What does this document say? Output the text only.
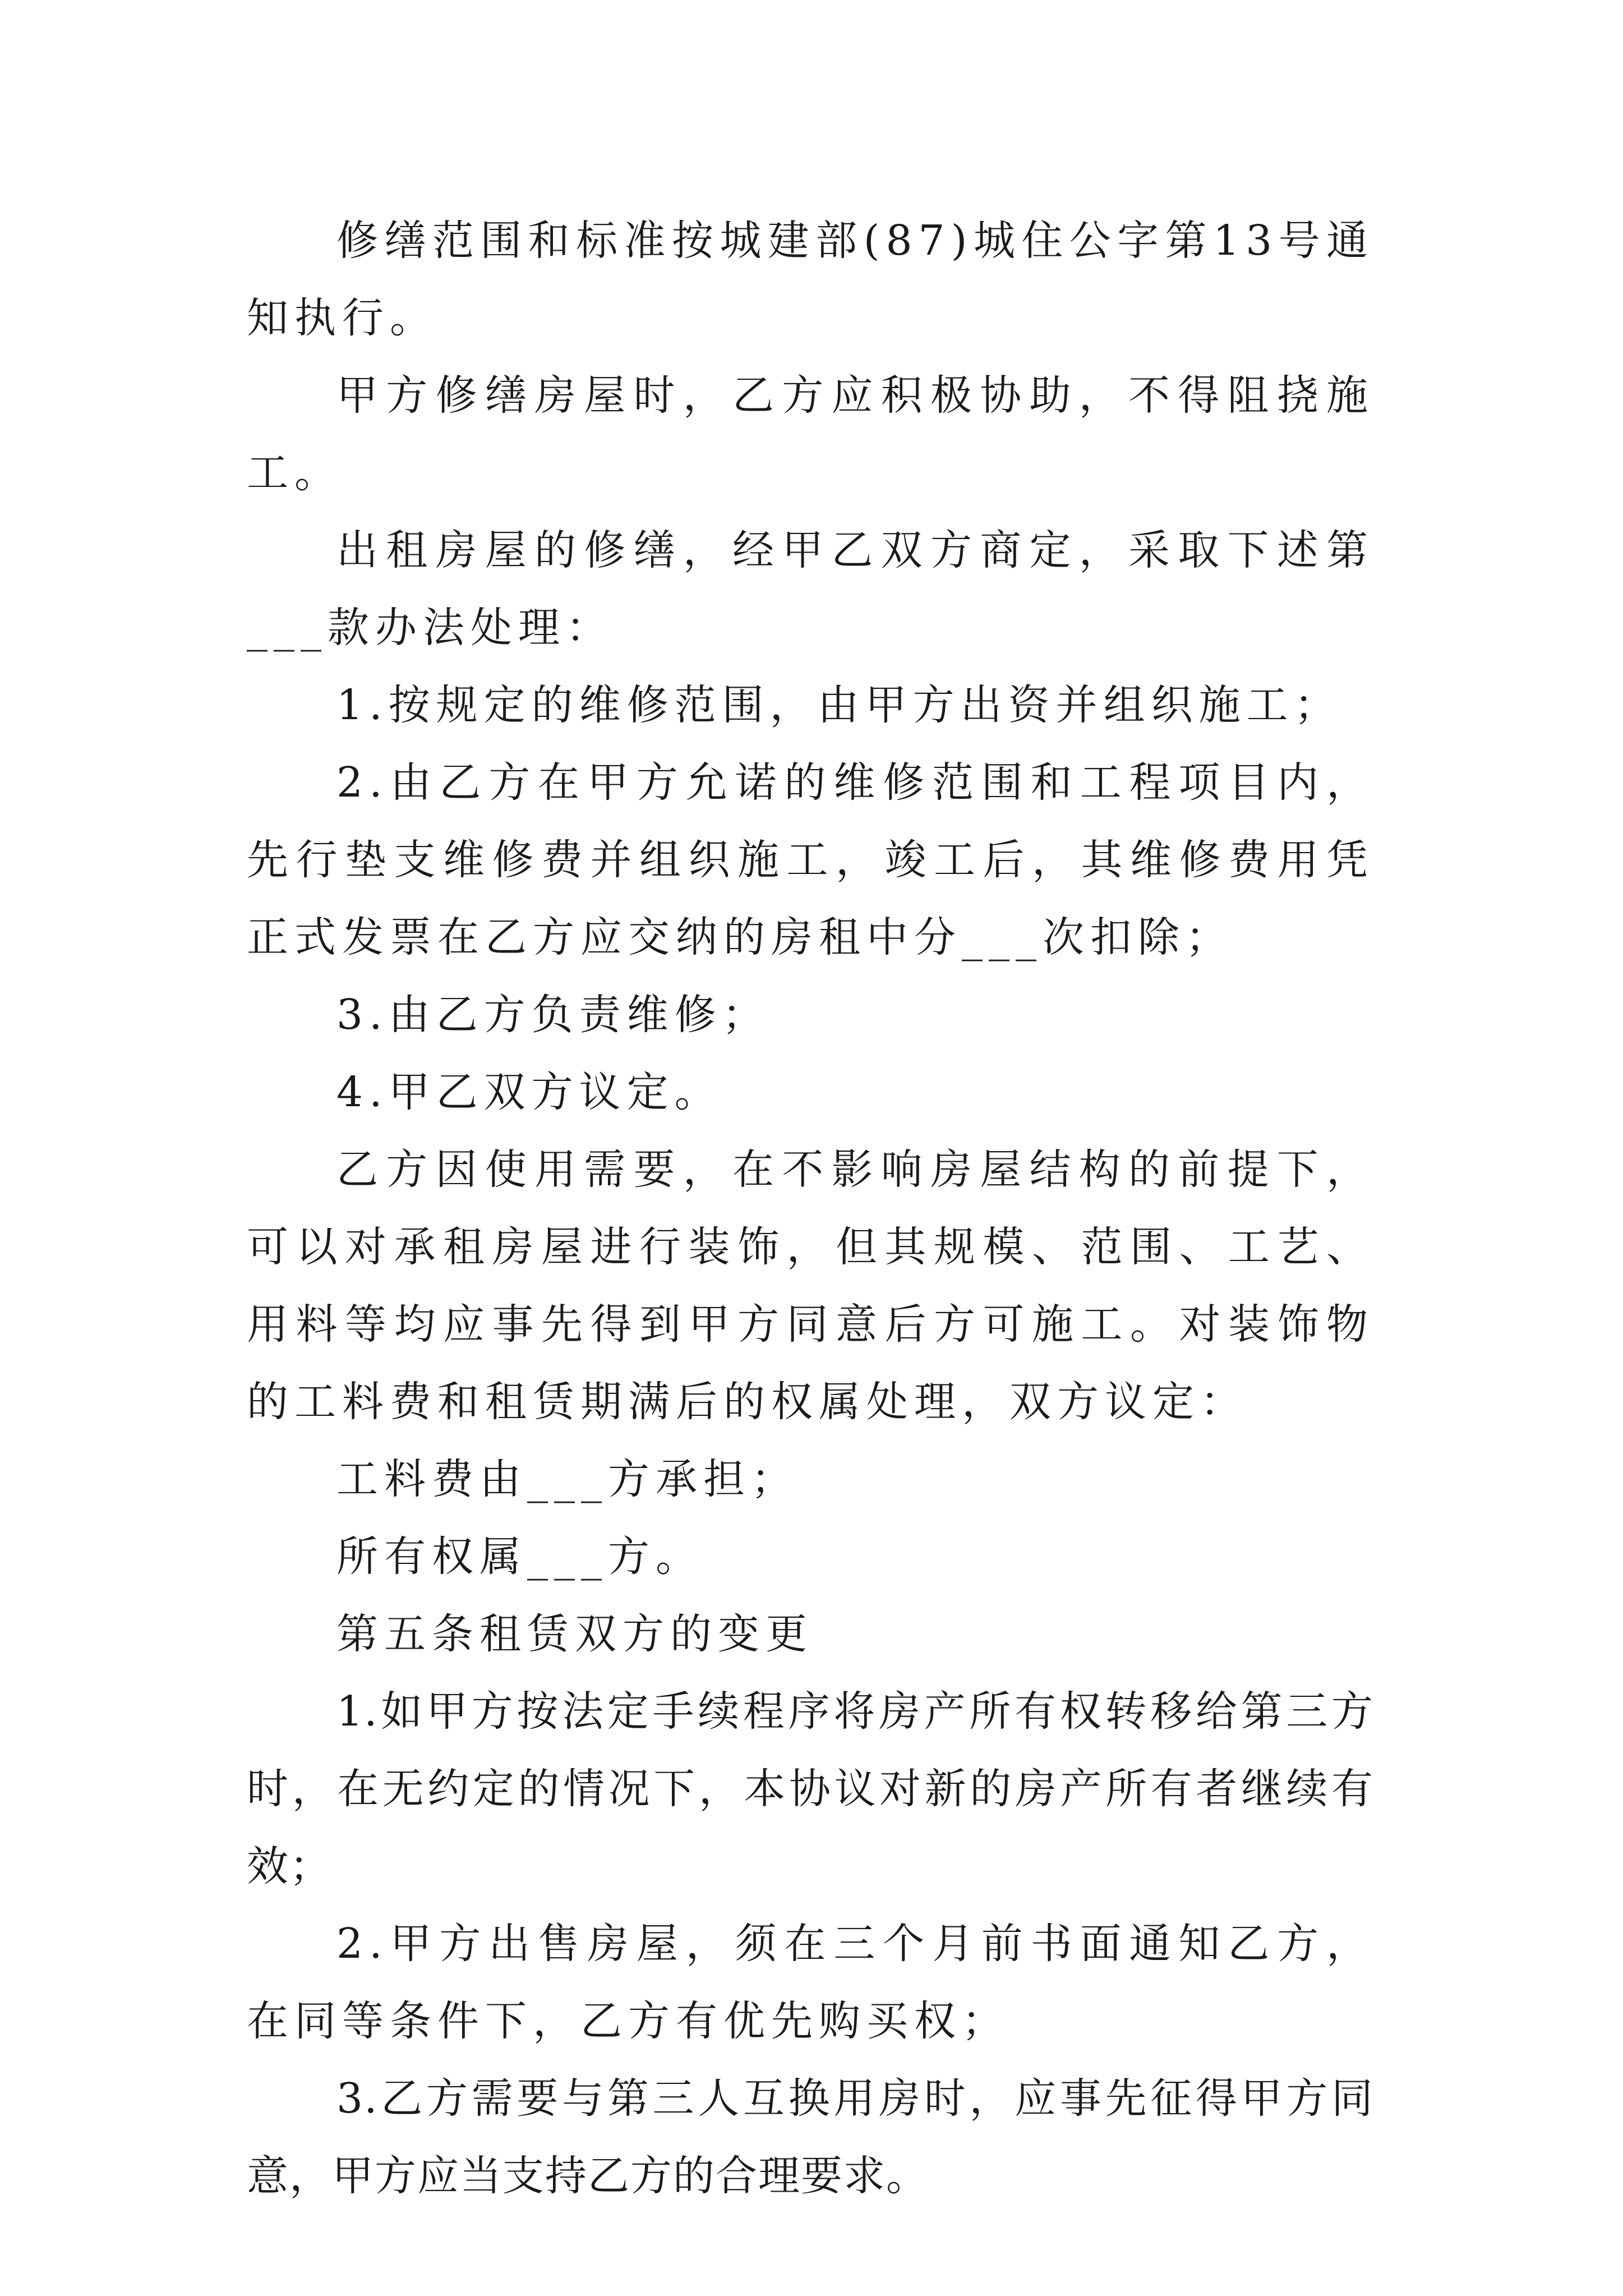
修缮范围和标准按城建部(87)城住公字第13号通知执行。

甲方修缮房屋时，乙方应积极协助，不得阻挠施工。

出租房屋的修缮，经甲乙双方商定，采取下述第___款办法处理：

1.按规定的维修范围，由甲方出资并组织施工；

2.由乙方在甲方允诺的维修范围和工程项目内，先行垫支维修费并组织施工，竣工后，其维修费用凭正式发票在乙方应交纳的房租中分___次扣除；

3.由乙方负责维修；

4.甲乙双方议定。

乙方因使用需要，在不影响房屋结构的前提下，可以对承租房屋进行装饰，但其规模、范围、工艺、用料等均应事先得到甲方同意后方可施工。对装饰物的工料费和租赁期满后的权属处理，双方议定：

工料费由___方承担；

所有权属___方。

第五条租赁双方的变更

1.如甲方按法定手续程序将房产所有权转移给第三方时，在无约定的情况下，本协议对新的房产所有者继续有效；

2.甲方出售房屋，须在三个月前书面通知乙方，在同等条件下，乙方有优先购买权；

3.乙方需要与第三人互换用房时，应事先征得甲方同意，甲方应当支持乙方的合理要求。
